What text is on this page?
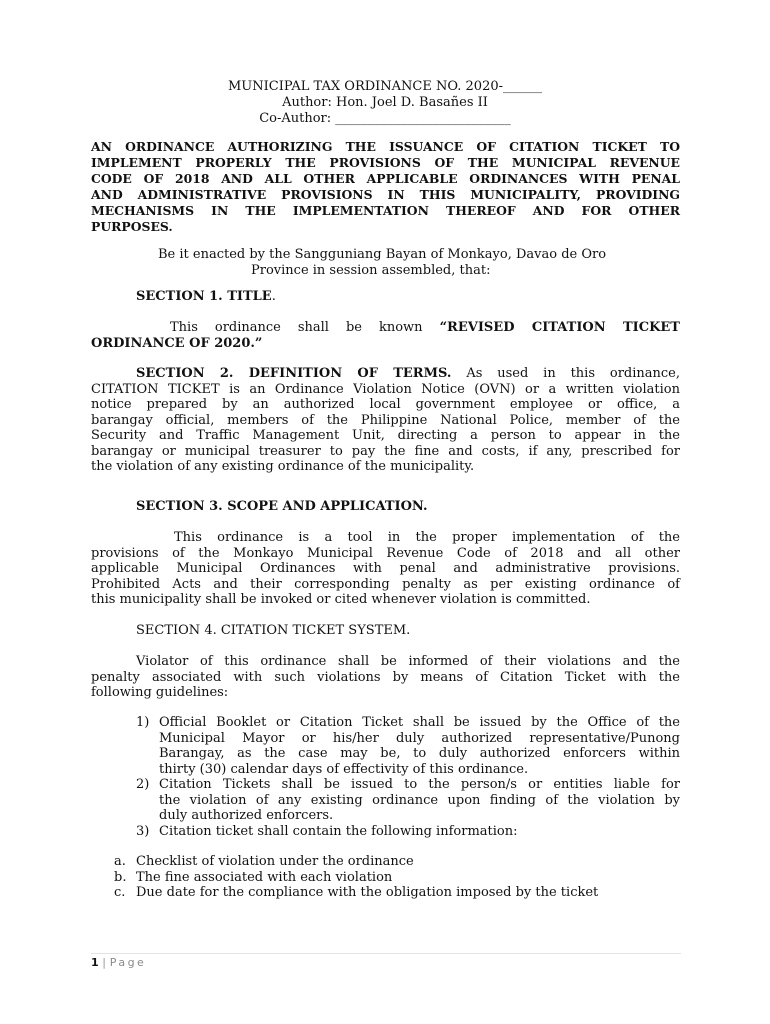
MUNICIPAL TAX ORDINANCE NO. 2020-______
Author: Hon. Joel D. Basañes II
Co-Author: ___________________________
AN ORDINANCE AUTHORIZING THE ISSUANCE OF CITATION TICKET TO
IMPLEMENT PROPERLY THE PROVISIONS OF THE MUNICIPAL REVENUE
CODE OF 2018 AND ALL OTHER APPLICABLE ORDINANCES WITH PENAL
AND ADMINISTRATIVE PROVISIONS IN THIS MUNICIPALITY, PROVIDING
MECHANISMS IN THE IMPLEMENTATION THEREOF AND FOR OTHER
PURPOSES.
Be it enacted by the Sangguniang Bayan of Monkayo, Davao de Oro
Province in session assembled, that:
SECTION 1. TITLE.
This ordinance shall be known “REVISED CITATION TICKET
ORDINANCE OF 2020.”
SECTION 2. DEFINITION OF TERMS. As used in this ordinance,
CITATION TICKET is an Ordinance Violation Notice (OVN) or a written violation
notice prepared by an authorized local government employee or office, a
barangay official, members of the Philippine National Police, member of the
Security and Traffic Management Unit, directing a person to appear in the
barangay or municipal treasurer to pay the fine and costs, if any, prescribed for
the violation of any existing ordinance of the municipality.
SECTION 3. SCOPE AND APPLICATION.
This ordinance is a tool in the proper implementation of the
provisions of the Monkayo Municipal Revenue Code of 2018 and all other
applicable Municipal Ordinances with penal and administrative provisions.
Prohibited Acts and their corresponding penalty as per existing ordinance of
this municipality shall be invoked or cited whenever violation is committed.
SECTION 4. CITATION TICKET SYSTEM.
Violator of this ordinance shall be informed of their violations and the
penalty associated with such violations by means of Citation Ticket with the
following guidelines:
1) Official Booklet or Citation Ticket shall be issued by the Office of the
Municipal Mayor or his/her duly authorized representative/Punong
Barangay, as the case may be, to duly authorized enforcers within
thirty (30) calendar days of effectivity of this ordinance.
2) Citation Tickets shall be issued to the person/s or entities liable for
the violation of any existing ordinance upon finding of the violation by
duly authorized enforcers.
3) Citation ticket shall contain the following information:
a. Checklist of violation under the ordinance
b. The fine associated with each violation
c. Due date for the compliance with the obligation imposed by the ticket
1 | Page
